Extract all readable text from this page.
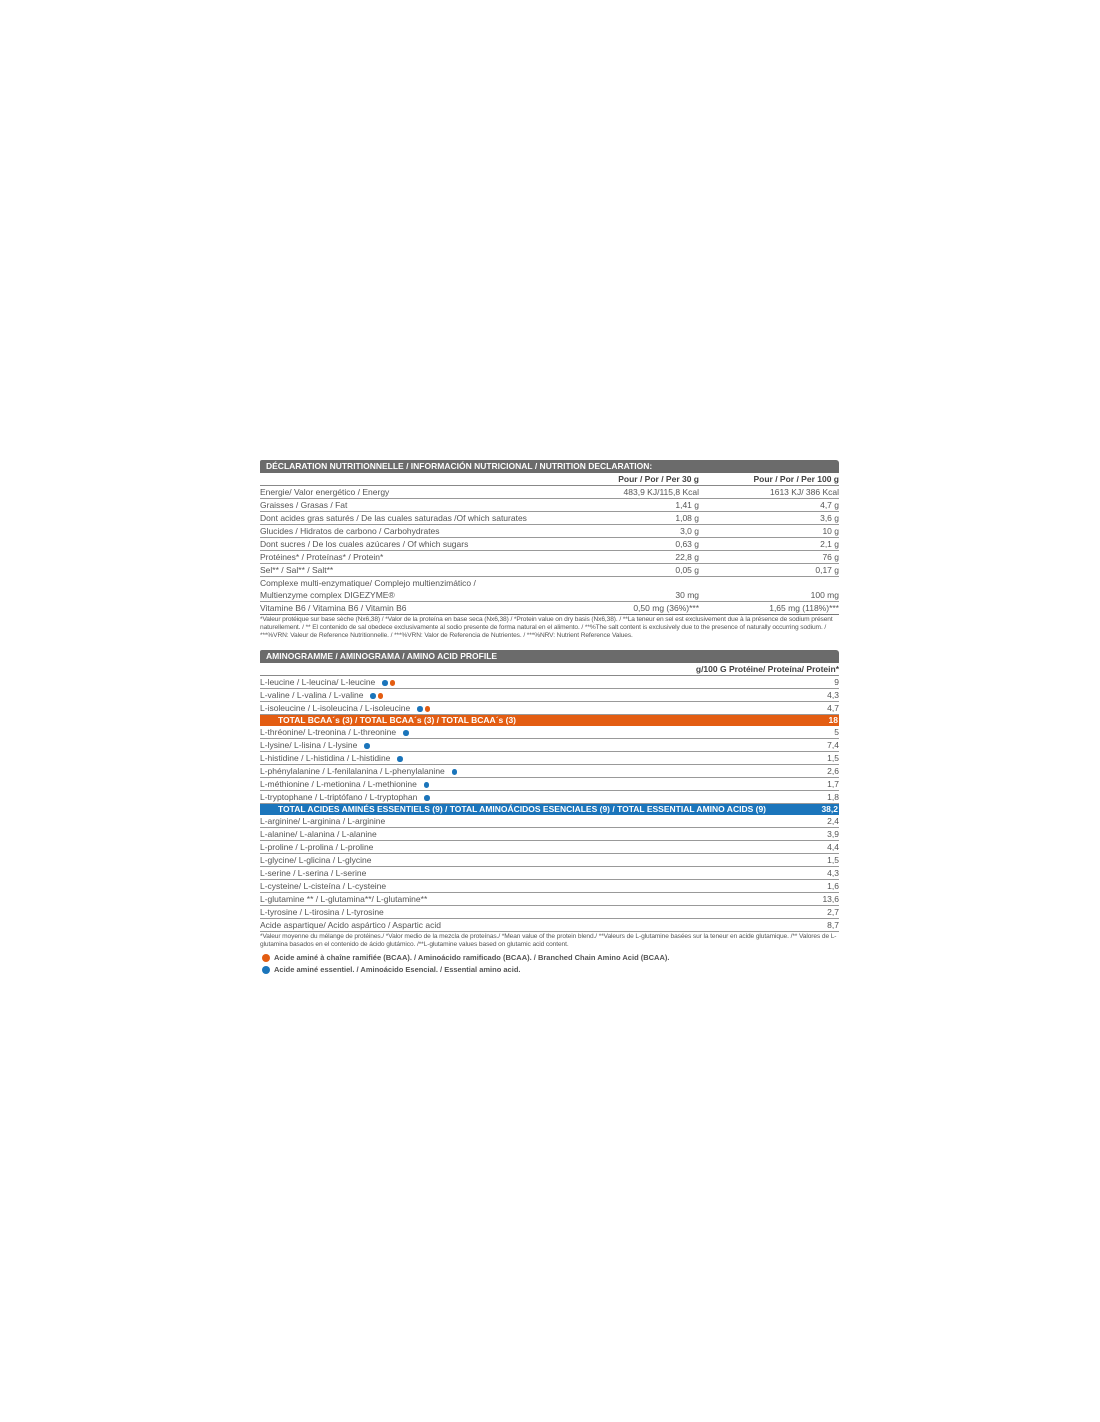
DÉCLARATION NUTRITIONNELLE / INFORMACIÓN NUTRICIONAL / NUTRITION DECLARATION:
Pour / Por / Per 30 g	Pour / Por / Per 100 g
Energie/ Valor energético / Energy	483,9 KJ/115,8 Kcal	1613 KJ/ 386 Kcal
Graisses / Grasas / Fat	1,41 g	4,7 g
Dont acides gras saturés / De las cuales saturadas /Of which saturates	1,08 g	3,6 g
Glucides / Hidratos de carbono / Carbohydrates	3,0 g	10 g
Dont sucres / De los cuales azúcares / Of which sugars	0,63 g	2,1 g
Protéines* / Proteínas* / Protein*	22,8 g	76 g
Sel** / Sal** / Salt**	0,05 g	0,17 g
Complexe multi-enzymatique/ Complejo multienzimático /
Multienzyme complex DIGEZYME®	30 mg	100 mg
Vitamine B6 / Vitamina B6 / Vitamin B6	0,50 mg (36%)***	1,65 mg (118%)***
*Valeur protéique sur base sèche (Nx6,38) / *Valor de la proteína en base seca (Nx6,38) / *Protein value on dry basis (Nx6,38). / **La teneur en sel est exclusivement due à la présence de sodium présent naturellement. / ** El contenido de sal obedece exclusivamente al sodio presente de forma natural en el alimento. / **%The salt content is exclusively due to the presence of naturally occurring sodium. / ***%VRN: Valeur de Reference Nutritionnelle. / ***%VRN: Valor de Referencia de Nutrientes. / ***%NRV: Nutrient Reference Values.
AMINOGRAMME / AMINOGRAMA / AMINO ACID PROFILE
g/100 G Protéine/ Proteína/ Protein*
L-leucine / L-leucina/ L-leucine	9
L-valine / L-valina / L-valine	4,3
L-isoleucine / L-isoleucina / L-isoleucine	4,7
TOTAL BCAA´s (3) / TOTAL BCAA´s (3) / TOTAL BCAA´s (3)	18
L-thréonine/ L-treonina / L-threonine	5
L-lysine/ L-lisina / L-lysine	7,4
L-histidine / L-histidina / L-histidine	1,5
L-phénylalanine / L-fenilalanina / L-phenylalanine	2,6
L-méthionine / L-metionina / L-methionine	1,7
L-tryptophane / L-triptófano / L-tryptophan	1,8
TOTAL ACIDES AMINÉS ESSENTIELS (9) / TOTAL AMINOÁCIDOS ESENCIALES (9) / TOTAL ESSENTIAL AMINO ACIDS (9)	38,2
L-arginine/ L-arginina / L-arginine	2,4
L-alanine/ L-alanina / L-alanine	3,9
L-proline / L-prolina / L-proline	4,4
L-glycine/ L-glicina / L-glycine	1,5
L-serine / L-serina / L-serine	4,3
L-cysteine/ L-cisteína / L-cysteine	1,6
L-glutamine ** / L-glutamina**/ L-glutamine**	13,6
L-tyrosine / L-tirosina / L-tyrosine	2,7
Acide aspartique/ Acido aspártico / Aspartic acid	8,7
*Valeur moyenne du mélange de protéines./ *Valor medio de la mezcla de proteínas./ *Mean value of the protein blend./ **Valeurs de L-glutamine basées sur la teneur en acide glutamique. /** Valores de L-glutamina basados en el contenido de ácido glutámico. /**L-glutamine values based on glutamic acid content.
Acide aminé à chaîne ramifiée (BCAA). / Aminoácido ramificado (BCAA). / Branched Chain Amino Acid (BCAA).
Acide aminé essentiel. / Aminoácido Esencial. / Essential amino acid.
